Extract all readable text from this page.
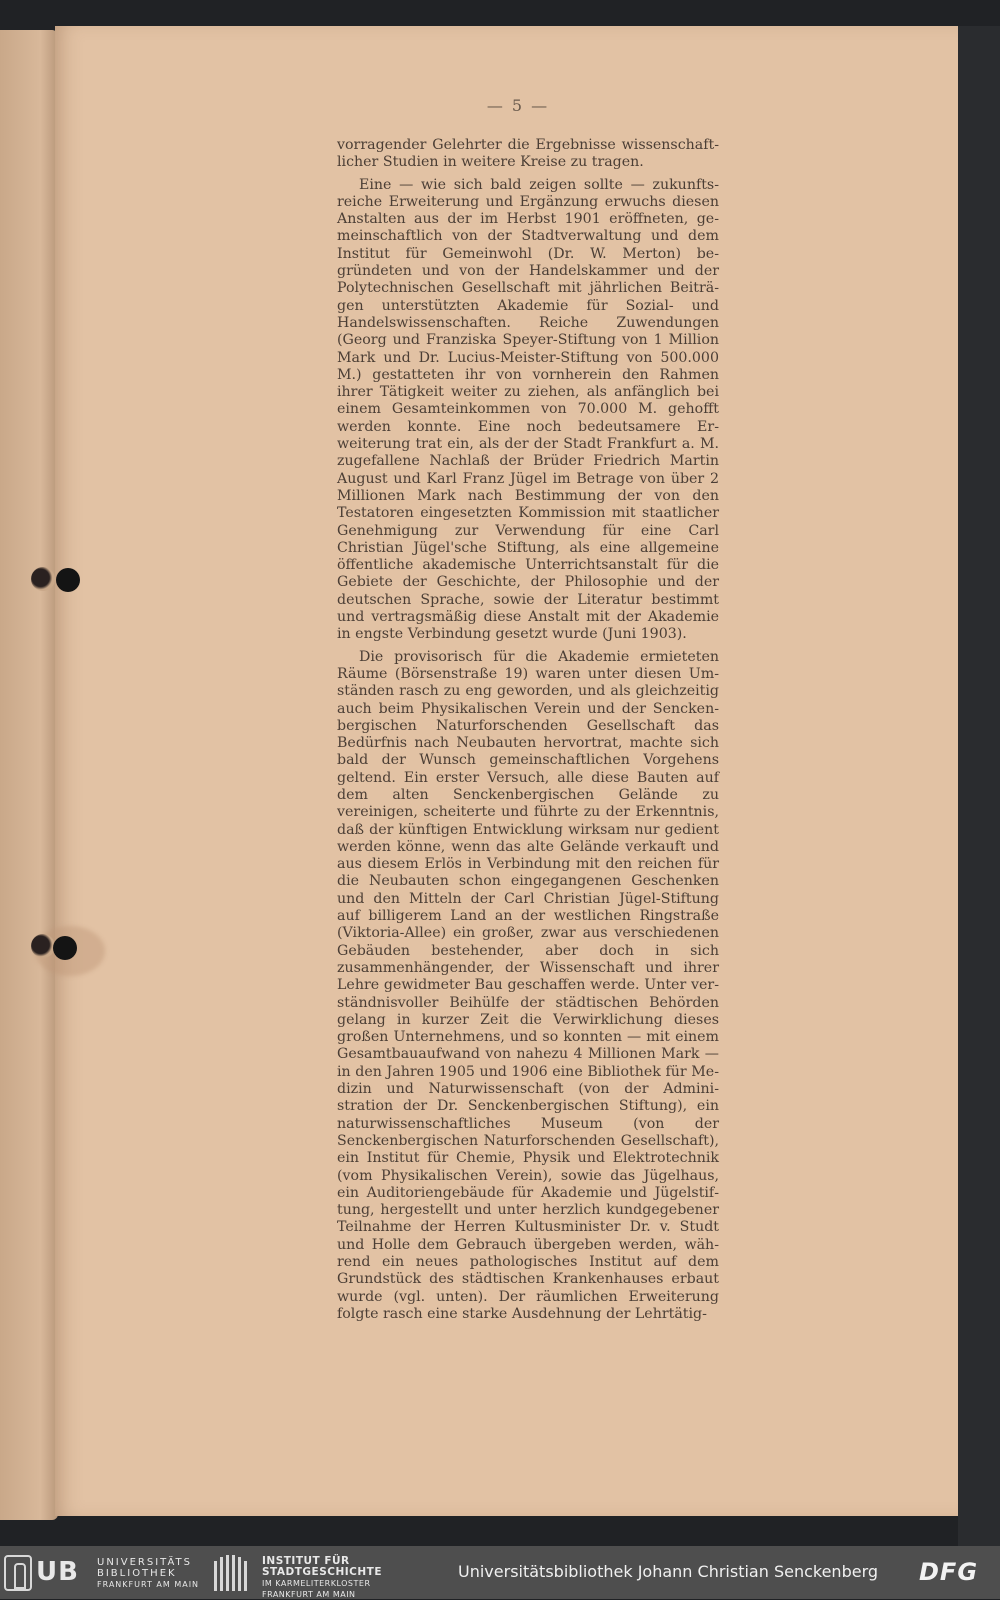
— 5 —

vorragender Gelehrter die Ergebnisse wissenschaftlicher Studien in weitere Kreise zu tragen.

Eine — wie sich bald zeigen sollte — zukunftsreiche Erweiterung und Ergänzung erwuchs diesen Anstalten aus der im Herbst 1901 eröffneten, gemeinschaftlich von der Stadtverwaltung und dem Institut für Gemeinwohl (Dr. W. Merton) begründeten und von der Handelskammer und der Polytechnischen Gesellschaft mit jährlichen Beiträgen unterstützten Akademie für Sozial- und Handelswissenschaften. Reiche Zuwendungen (Georg und Franziska Speyer-Stiftung von 1 Million Mark und Dr. Lucius-Meister-Stiftung von 500.000 M.) gestatteten ihr von vornherein den Rahmen ihrer Tätigkeit weiter zu ziehen, als anfänglich bei einem Gesamteinkommen von 70.000 M. gehofft werden konnte. Eine noch bedeutsamere Erweiterung trat ein, als der der Stadt Frankfurt a. M. zugefallene Nachlaß der Brüder Friedrich Martin August und Karl Franz Jügel im Betrage von über 2 Millionen Mark nach Bestimmung der von den Testatoren eingesetzten Kommission mit staatlicher Genehmigung zur Verwendung für eine Carl Christian Jügel'sche Stiftung, als eine allgemeine öffentliche akademische Unterrichtsanstalt für die Gebiete der Geschichte, der Philosophie und der deutschen Sprache, sowie der Literatur bestimmt und vertragsmäßig diese Anstalt mit der Akademie in engste Verbindung gesetzt wurde (Juni 1903).

Die provisorisch für die Akademie ermieteten Räume (Börsenstraße 19) waren unter diesen Umständen rasch zu eng geworden, und als gleichzeitig auch beim Physikalischen Verein und der Senckenbergischen Naturforschenden Gesellschaft das Bedürfnis nach Neubauten hervortrat, machte sich bald der Wunsch gemeinschaftlichen Vorgehens geltend. Ein erster Versuch, alle diese Bauten auf dem alten Senckenbergischen Gelände zu vereinigen, scheiterte und führte zu der Erkenntnis, daß der künftigen Entwicklung wirksam nur gedient werden könne, wenn das alte Gelände verkauft und aus diesem Erlös in Verbindung mit den reichen für die Neubauten schon eingegangenen Geschenken und den Mitteln der Carl Christian Jügel-Stiftung auf billigerem Land an der westlichen Ringstraße (Viktoria-Allee) ein großer, zwar aus verschiedenen Gebäuden bestehender, aber doch in sich zusammenhängender, der Wissenschaft und ihrer Lehre gewidmeter Bau geschaffen werde. Unter verständnisvoller Beihülfe der städtischen Behörden gelang in kurzer Zeit die Verwirklichung dieses großen Unternehmens, und so konnten — mit einem Gesamtbauaufwand von nahezu 4 Millionen Mark — in den Jahren 1905 und 1906 eine Bibliothek für Medizin und Naturwissenschaft (von der Administration der Dr. Senckenbergischen Stiftung), ein naturwissenschaftliches Museum (von der Senckenbergischen Naturforschenden Gesellschaft), ein Institut für Chemie, Physik und Elektrotechnik (vom Physikalischen Verein), sowie das Jügelhaus, ein Auditoriengebäude für Akademie und Jügelstiftung, hergestellt und unter herzlich kundgegebener Teilnahme der Herren Kultusminister Dr. v. Studt und Holle dem Gebrauch übergeben werden, während ein neues pathologisches Institut auf dem Grundstück des städtischen Krankenhauses erbaut wurde (vgl. unten). Der räumlichen Erweiterung folgte rasch eine starke Ausdehnung der Lehrtätig-

UB UNIVERSITÄTS
BIBLIOTHEK
FRANKFURT AM MAIN
INSTITUT FÜR
STADTGESCHICHTE
IM KARMELITERKLOSTER
FRANKFURT AM MAIN
Universitätsbibliothek Johann Christian Senckenberg DFG
